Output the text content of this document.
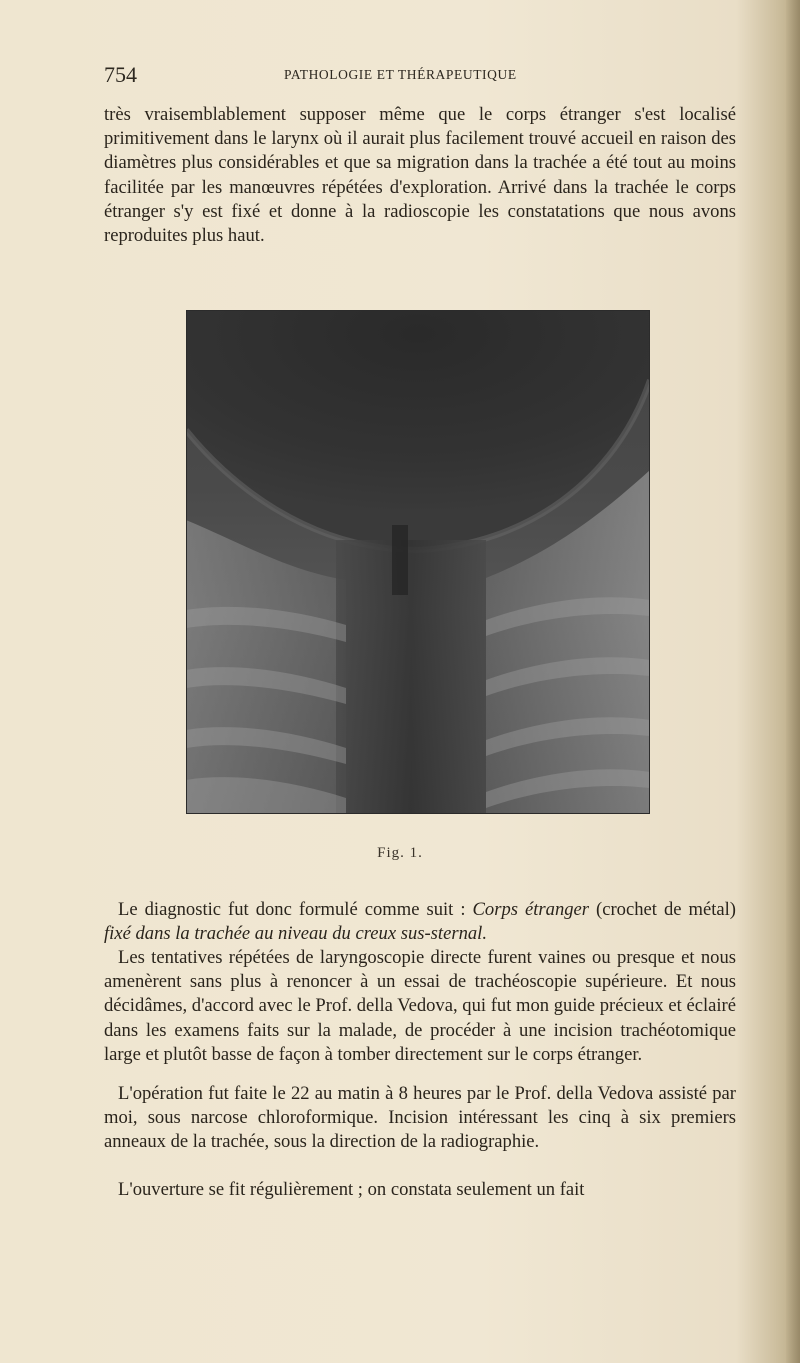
754	PATHOLOGIE ET THÉRAPEUTIQUE
très vraisemblablement supposer même que le corps étranger s'est localisé primitivement dans le larynx où il aurait plus facilement trouvé accueil en raison des diamètres plus considérables et que sa migration dans la trachée a été tout au moins facilitée par les manœuvres répétées d'exploration. Arrivé dans la trachée le corps étranger s'y est fixé et donne à la radioscopie les constatations que nous avons reproduites plus haut.
Fig. 1.
Le diagnostic fut donc formulé comme suit : Corps étranger (crochet de métal) fixé dans la trachée au niveau du creux sus-sternal.
Les tentatives répétées de laryngoscopie directe furent vaines ou presque et nous amenèrent sans plus à renoncer à un essai de trachéoscopie supérieure. Et nous décidâmes, d'accord avec le Prof. della Vedova, qui fut mon guide précieux et éclairé dans les examens faits sur la malade, de procéder à une incision trachéotomique large et plutôt basse de façon à tomber directement sur le corps étranger.
L'opération fut faite le 22 au matin à 8 heures par le Prof. della Vedova assisté par moi, sous narcose chloroformique. Incision intéressant les cinq à six premiers anneaux de la trachée, sous la direction de la radiographie.
L'ouverture se fit régulièrement ; on constata seulement un fait
